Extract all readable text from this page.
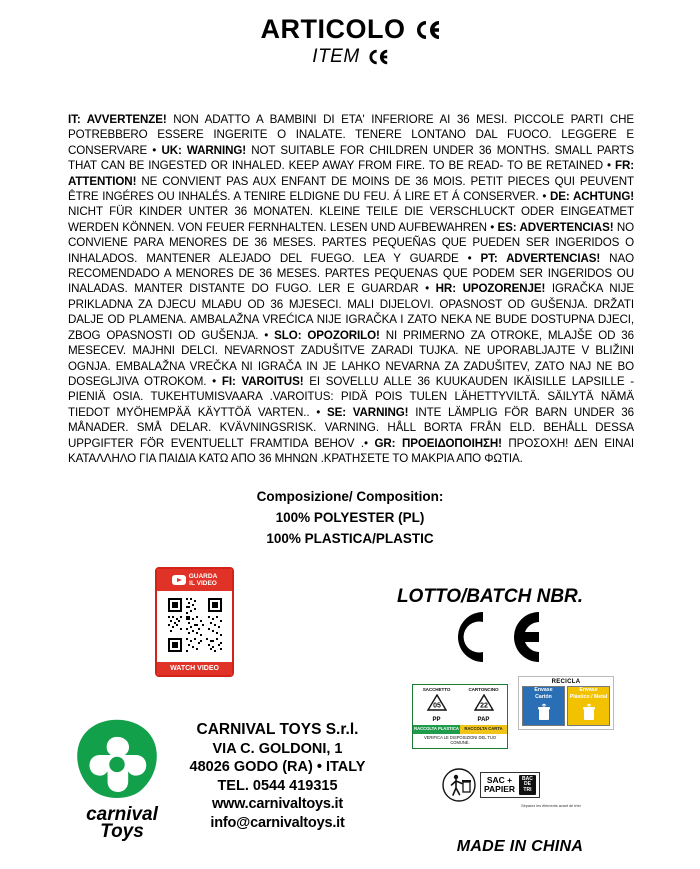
ARTICOLO
ITEM
IT: AVVERTENZE! NON ADATTO A BAMBINI DI ETA' INFERIORE AI 36 MESI. PICCOLE PARTI CHE POTREBBERO ESSERE INGERITE O INALATE. TENERE LONTANO DAL FUOCO. LEGGERE E CONSERVARE • UK: WARNING! NOT SUITABLE FOR CHILDREN UNDER 36 MONTHS. SMALL PARTS THAT CAN BE INGESTED OR INHALED. KEEP AWAY FROM FIRE. TO BE READ- TO BE RETAINED • FR: ATTENTION! NE CONVIENT PAS AUX ENFANT DE MOINS DE 36 MOIS. PETIT PIECES QUI PEUVENT ÊTRE INGÉRES OU INHALÉS. A TENIRE ELDIGNE DU FEU. Á LIRE ET Á CONSERVER. • DE: ACHTUNG! NICHT FÜR KINDER UNTER 36 MONATEN. KLEINE TEILE DIE VERSCHLUCKT ODER EINGEATMET WERDEN KÖNNEN. VON FEUER FERNHALTEN. LESEN UND AUFBEWAHREN • ES: ADVERTENCIAS! NO CONVIENE PARA MENORES DE 36 MESES. PARTES PEQUEÑAS QUE PUEDEN SER INGERIDOS O INHALADOS. MANTENER ALEJADO DEL FUEGO. LEA Y GUARDE • PT: ADVERTENCIAS! NAO RECOMENDADO A MENORES DE 36 MESES. PARTES PEQUENAS QUE PODEM SER INGERIDOS OU INALADAS. MANTER DISTANTE DO FUGO. LER E GUARDAR • HR: UPOZORENJE! IGRAČKA NIJE PRIKLADNA ZA DJECU MLAĐU OD 36 MJESECI. MALI DIJELOVI. OPASNOST OD GUŠENJA. DRŽATI DALJE OD PLAMENA. AMBALAŽNA VREĆICA NIJE IGRAČKA I ZATO NEKA NE BUDE DOSTUPNA DJECI, ZBOG OPASNOSTI OD GUŠENJA. • SLO: OPOZORILO! NI PRIMERNO ZA OTROKE, MLAJŠE OD 36 MESECEV. MAJHNI DELCI. NEVARNOST ZADUŠITVE ZARADI TUJKA. NE UPORABLJAJTE V BLIŽINI OGNJA. EMBALAŽNA VREČKA NI IGRAČA IN JE LAHKO NEVARNA ZA ZADUŠITEV, ZATO NAJ NE BO DOSEGLJIVA OTROKOM. • FI: VAROITUS! EI SOVELLU ALLE 36 KUUKAUDEN IKÄISILLE LAPSILLE - PIENIÄ OSIA. TUKEHTUMISVAARA .VAROITUS: PIDÄ POIS TULEN LÄHETTYVILTÄ. SÄILYTÄ NÄMÄ TIEDOT MYÖHEMPÄÄ KÄYTTÖÄ VARTEN.. • SE: VARNING! INTE LÄMPLIG FÖR BARN UNDER 36 MÅNADER. SMÅ DELAR. KVÄVNINGSRISK. VARNING. HÅLL BORTA FRÅN ELD. BEHÅLL DESSA UPPGIFTER FÖR EVENTUELLT FRAMTIDA BEHOV .• GR: ΠΡΟΕΙΔΟΠΟΙΗΣΗ! ΠΡΟΣΟΧΗ! ΔΕΝ ΕΙΝΑΙ ΚΑΤΑΛΛΗΛΟ ΓΙΑ ΠΑΙΔΙΑ ΚΑΤΩ ΑΠΟ 36 ΜΗΝΩΝ .ΚΡΑΤΗΣΕΤΕ ΤΟ ΜΑΚΡΙΑ ΑΠΟ ΦΩΤΙΑ.
Composizione/ Composition:
100% POLYESTER (PL)
100% PLASTICA/PLASTIC
GUARDA
IL VIDEO
WATCH VIDEO
LOTTO/BATCH NBR.
carnival
Toys
CARNIVAL TOYS S.r.l.
VIA C. GOLDONI, 1
48026 GODO (RA) • ITALY
TEL. 0544 419315
www.carnivaltoys.it
info@carnivaltoys.it
SACCHETTO	CARTONCINO
05
PP
22
PAP
RACCOLTA PLASTICA	RACCOLTA CARTA
VERIFICA LE DISPOSIZIONI DEL TUO COMUNE.
RECICLA
Envase
Cartón
Envase
Plástico / Metal
SAC +
PAPIER
BAC
DE
TRI
Séparez les éléments avant de trier
MADE IN CHINA
